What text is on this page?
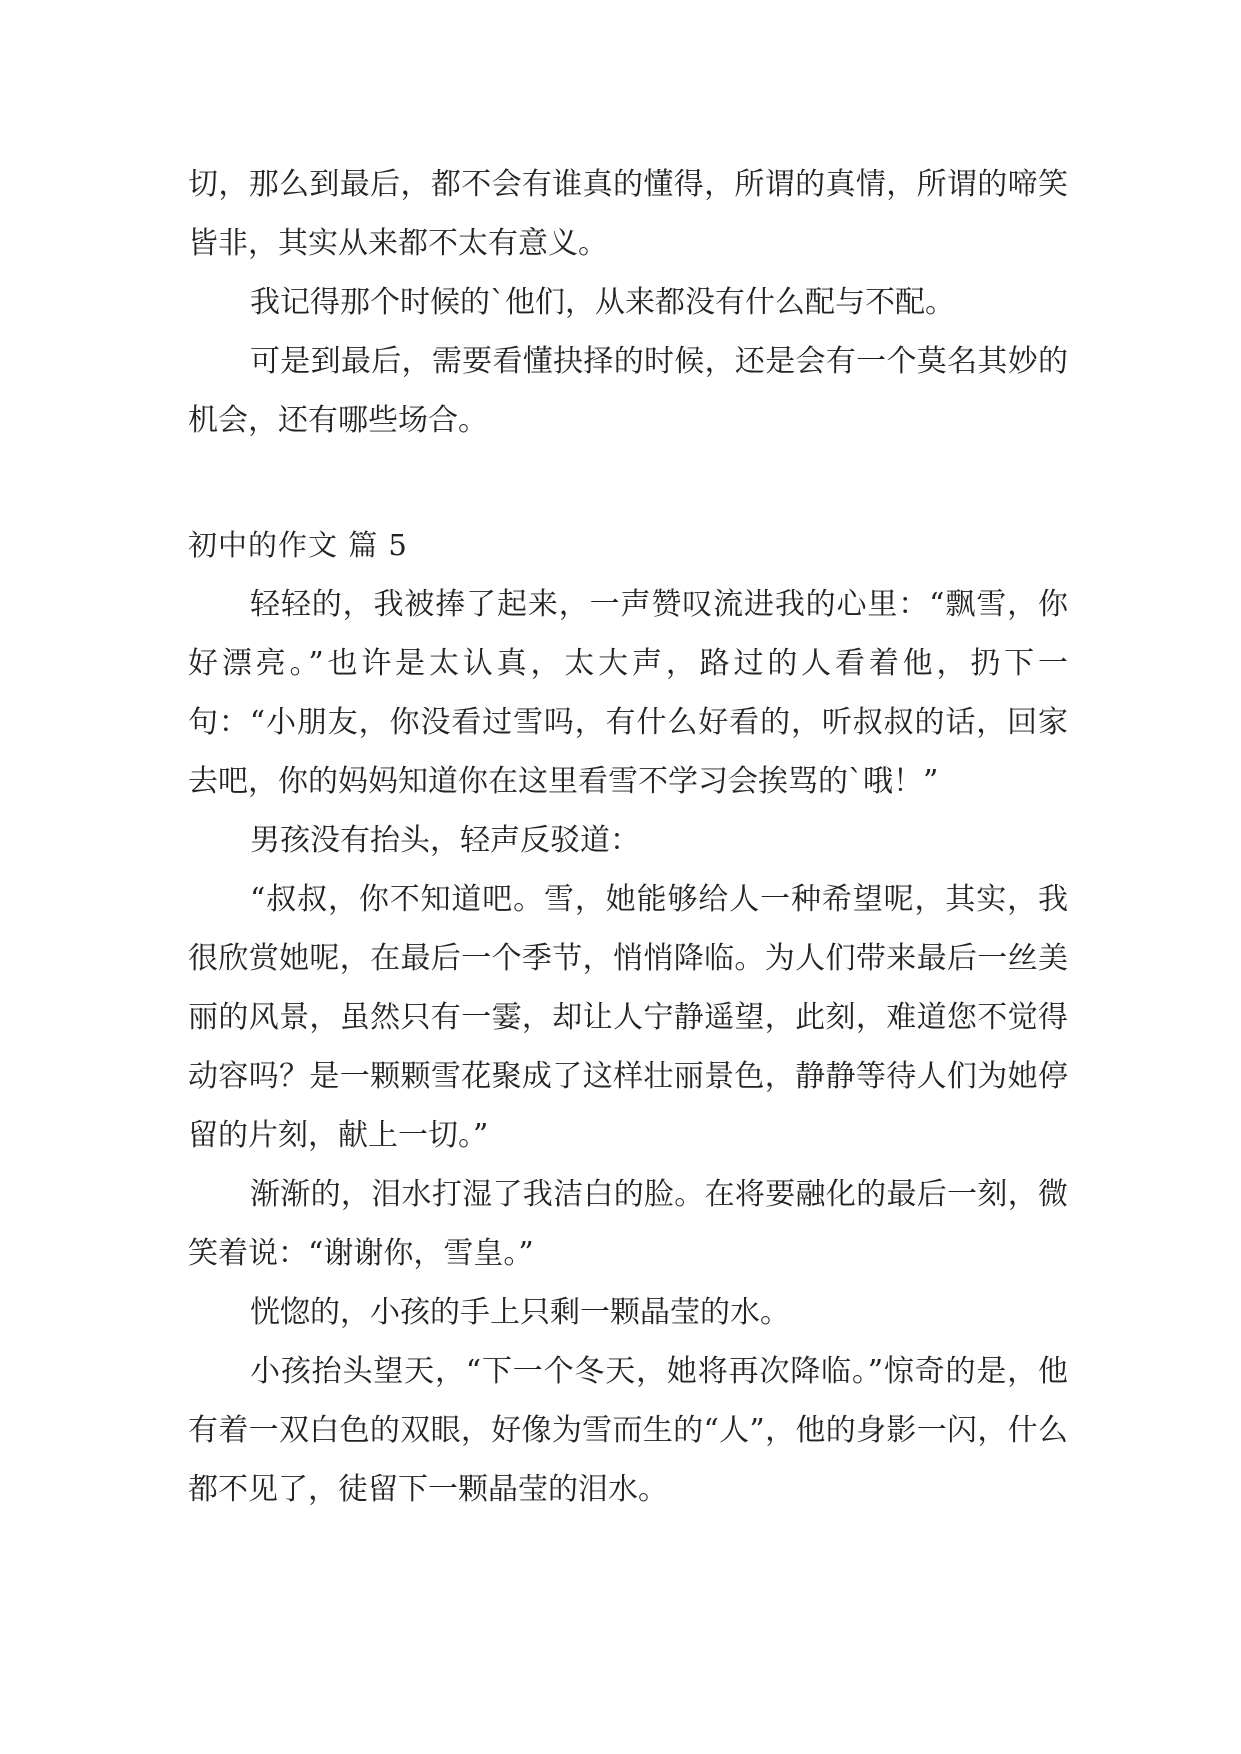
切，那么到最后，都不会有谁真的懂得，所谓的真情，所谓的啼笑皆非，其实从来都不太有意义。

我记得那个时候的`他们，从来都没有什么配与不配。

可是到最后，需要看懂抉择的时候，还是会有一个莫名其妙的机会，还有哪些场合。

初中的作文 篇 5

轻轻的，我被捧了起来，一声赞叹流进我的心里：“飘雪，你好漂亮。”也许是太认真，太大声，路过的人看着他，扔下一句：“小朋友，你没看过雪吗，有什么好看的，听叔叔的话，回家去吧，你的妈妈知道你在这里看雪不学习会挨骂的`哦！”

男孩没有抬头，轻声反驳道：

“叔叔，你不知道吧。雪，她能够给人一种希望呢，其实，我很欣赏她呢，在最后一个季节，悄悄降临。为人们带来最后一丝美丽的风景，虽然只有一霎，却让人宁静遥望，此刻，难道您不觉得动容吗？是一颗颗雪花聚成了这样壮丽景色，静静等待人们为她停留的片刻，献上一切。”

渐渐的，泪水打湿了我洁白的脸。在将要融化的最后一刻，微笑着说：“谢谢你，雪皇。”

恍惚的，小孩的手上只剩一颗晶莹的水。

小孩抬头望天，“下一个冬天，她将再次降临。”惊奇的是，他有着一双白色的双眼，好像为雪而生的“人”，他的身影一闪，什么都不见了，徒留下一颗晶莹的泪水。
